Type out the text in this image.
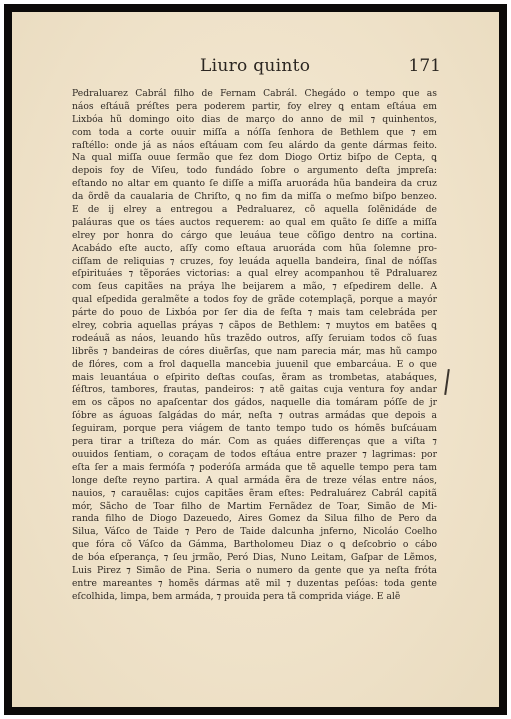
Liuro quinto	171
Pedraluarez Cabrál filho de Fernam Cabrál. Chegádo o tempo que as
náos eſtáuã préſtes pera poderem partir, foy elrey ꝗ entam eſtáua em
Lixbóa hũ domingo oito dias de março do anno de mil ⁊ quinhentos,
com toda a corte ouuir miſſa a nóſſa ſenhora de Bethlem que ⁊ em
raſtéllo: onde já as náos eſtáuam com ſeu alárdo da gente dármas feito.
Na qual miſſa ouue ſermão que fez dom Diogo Ortiz biſpo de Cepta, ꝗ
depois foy de Viſeu, todo fundádo ſobre o argumento deſta jmpreſa:
eſtando no altar em quanto ſe diſſe a miſſa aruoráda hũa bandeira da cruz
da õrdẽ da caualaria de Chriſto, ꝗ no fim da miſſa o meſmo biſpo benzeo.
E de ij elrey a entregou a Pedraluarez, cõ aquella ſolẽnidáde de
paláuras que os táes auctos requerem: ao qual em quãto ſe diſſe a miſſa
elrey por honra do cárgo que leuáua teue cõſigo dentro na cortina.
Acabádo eſte aucto, aſſy como eſtaua aruoráda com hũa ſolemne pro-
ciſſam de reliquias ⁊ cruzes, foy leuáda aquella bandeira, ſinal de nóſſas
eſpirituáes ⁊ tẽporáes victorias: a qual elrey acompanhou tẽ Pdraluarez
com ſeus capitães na práya lhe beijarem a mão, ⁊ eſpedirem delle. A
qual eſpedida geralmẽte a todos foy de grãde cotemplaçã, porque a mayór
párte do pouo de Lixbóa por ſer dia de feſta ⁊ mais tam celebráda per
elrey, cobria aquellas práyas ⁊ cãpos de Bethlem: ⁊ muytos em batẽes ꝗ
rodeáuã as náos, leuando hũs trazẽdo outros, aſſy ſeruiam todos cõ ſuas
librẽs ⁊ bandeiras de córes diuẽrſas, que nam parecia már, mas hũ campo
de flóres, com a frol daquella mancebia juuenil que embarcáua. E o que
mais leuantáua o eſpirito deſtas couſas, ẽram as trombetas, atabáques,
ſéſtros, tambores, frautas, pandeiros: ⁊ atẽ gaitas cuja ventura foy andar
em os cãpos no apaſcentar dos gádos, naquelle dia tomáram póſſe de jr
ſóbre as águoas ſalgádas do már, neſta ⁊ outras armádas que depois a
ſeguiram, porque pera viágem de tanto tempo tudo os hómẽs buſcáuam
pera tirar a triſteza do már. Com as quáes differenças que a viſta ⁊
ouuidos ſentiam, o coraçam de todos eſtáua entre prazer ⁊ lagrimas: por
eſta ſer a mais fermóſa ⁊ poderóſa armáda que tẽ aquelle tempo pera tam
longe deſte reyno partira. A qual armáda ẽra de treze vélas entre náos,
nauios, ⁊ carauẽlas: cujos capitães ẽram eſtes: Pedraluárez Cabrál capitã
mór, Sãcho de Toar filho de Martim Fernãdez de Toar, Simão de Mi-
randa filho de Diogo Dazeuedo, Aires Gomez da Silua filho de Pero da
Silua, Váſco de Taide ⁊ Pero de Taide dalcunha jnferno, Nicoláo Coelho
que fóra cõ Váſco da Gámma, Bartholomeu Diaz o ꝗ deſcobrio o cábo
de bóa eſperança, ⁊ ſeu jrmão, Peró Dias, Nuno Leitam, Gaſpar de Lẽmos,
Luis Pirez ⁊ Simão de Pina. Seria o numero da gente que ya neſta fróta
entre mareantes ⁊ homẽs dármas atẽ mil ⁊ duzentas peſóas: toda gente
eſcolhida, limpa, bem armáda, ⁊ prouida pera tã comprida viáge. E alẽ
